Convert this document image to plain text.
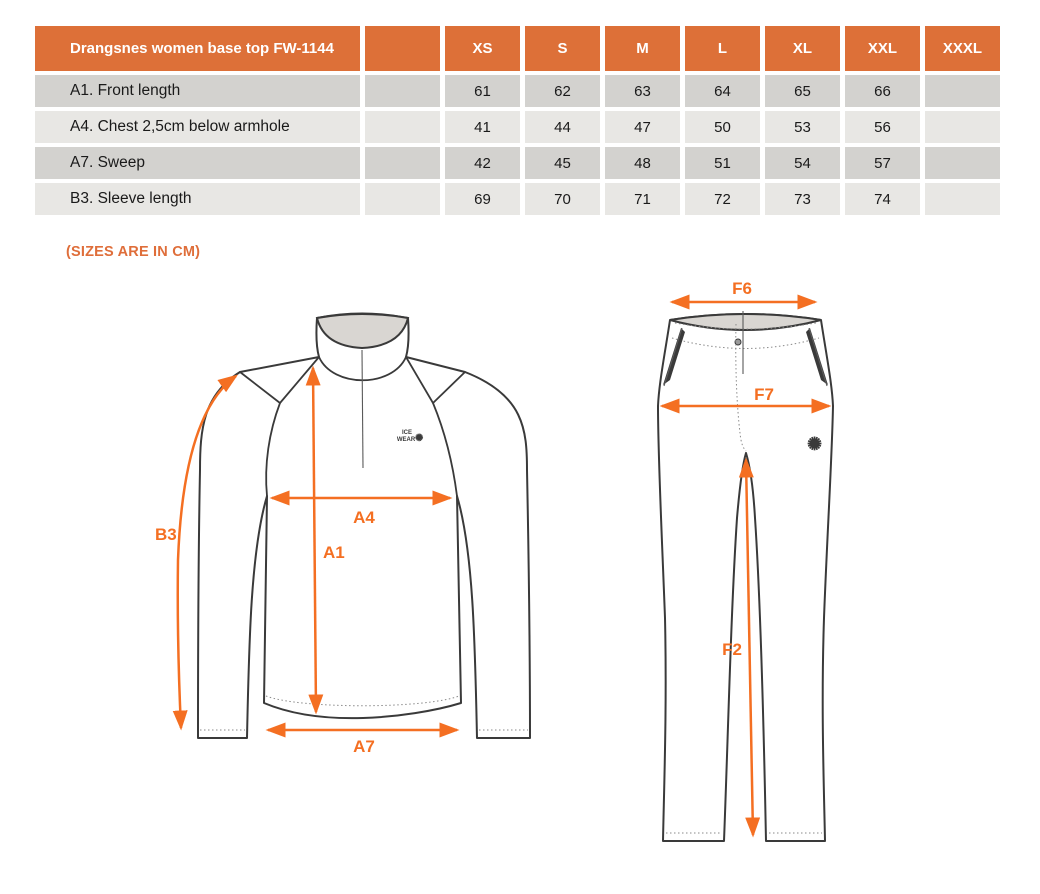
Drangsnes women base top FW-1144		XS	S	M	L	XL	XXL	XXXL
A1. Front length		61	62	63	64	65	66	
A4. Chest 2,5cm below armhole		41	44	47	50	53	56	
A7. Sweep		42	45	48	51	54	57	
B3. Sleeve length		69	70	71	72	73	74	
(SIZES ARE IN CM)
ICE
WEAR ✺
B3
A4
A1
A7
✺
F6
F7
F2
